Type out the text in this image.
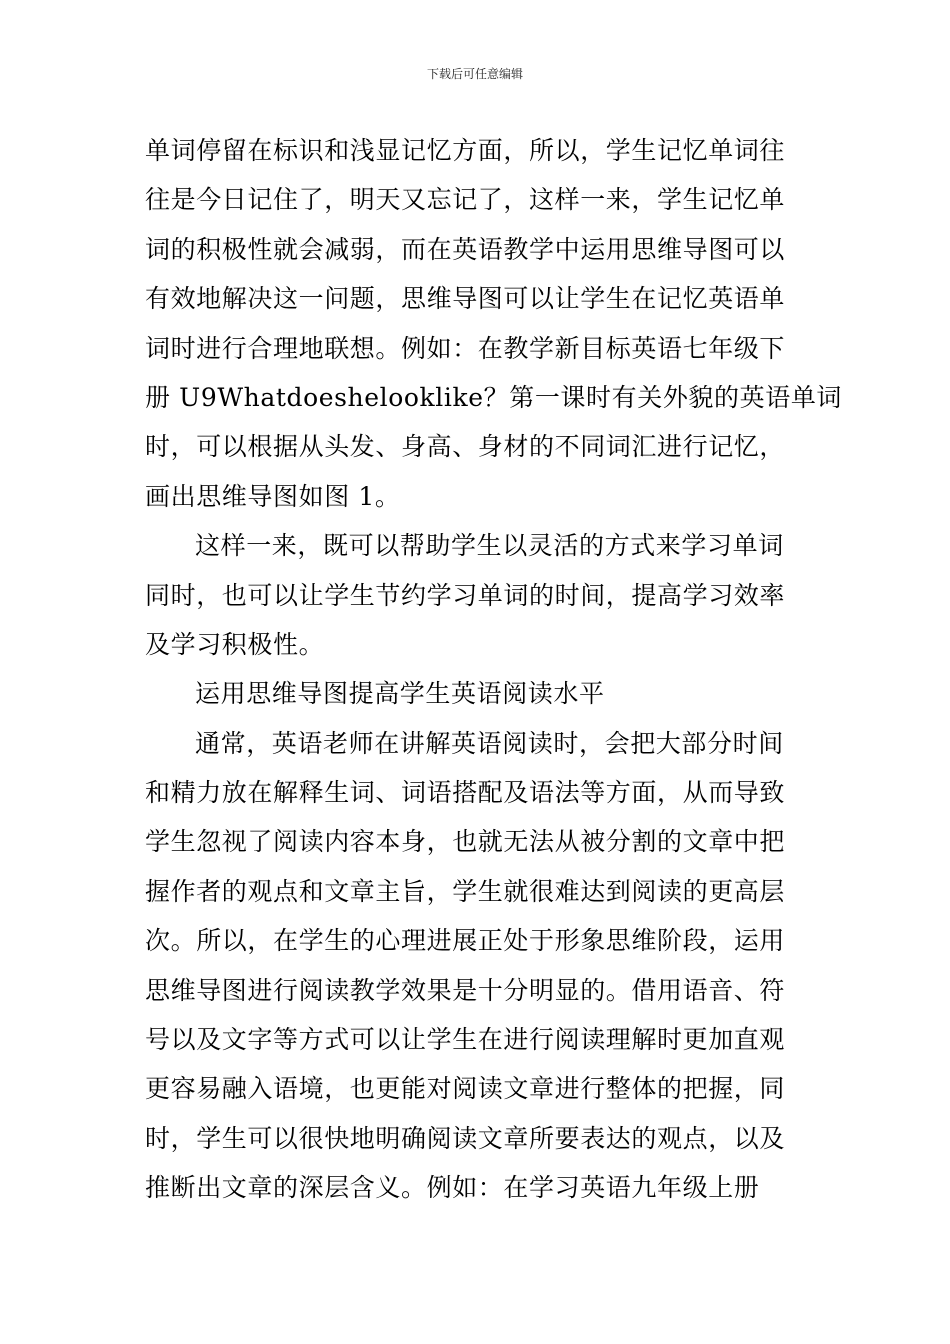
下载后可任意编辑
单词停留在标识和浅显记忆方面，所以，学生记忆单词往
往是今日记住了，明天又忘记了，这样一来，学生记忆单
词的积极性就会减弱，而在英语教学中运用思维导图可以
有效地解决这一问题，思维导图可以让学生在记忆英语单
词时进行合理地联想。例如：在教学新目标英语七年级下
册 U9Whatdoeshelooklike？第一课时有关外貌的英语单词
时，可以根据从头发、身高、身材的不同词汇进行记忆，
画出思维导图如图 1。
这样一来，既可以帮助学生以灵活的方式来学习单词
同时，也可以让学生节约学习单词的时间，提高学习效率
及学习积极性。
运用思维导图提高学生英语阅读水平
通常，英语老师在讲解英语阅读时，会把大部分时间
和精力放在解释生词、词语搭配及语法等方面，从而导致
学生忽视了阅读内容本身，也就无法从被分割的文章中把
握作者的观点和文章主旨，学生就很难达到阅读的更高层
次。所以，在学生的心理进展正处于形象思维阶段，运用
思维导图进行阅读教学效果是十分明显的。借用语音、符
号以及文字等方式可以让学生在进行阅读理解时更加直观
更容易融入语境，也更能对阅读文章进行整体的把握，同
时，学生可以很快地明确阅读文章所要表达的观点，以及
推断出文章的深层含义。例如：在学习英语九年级上册
